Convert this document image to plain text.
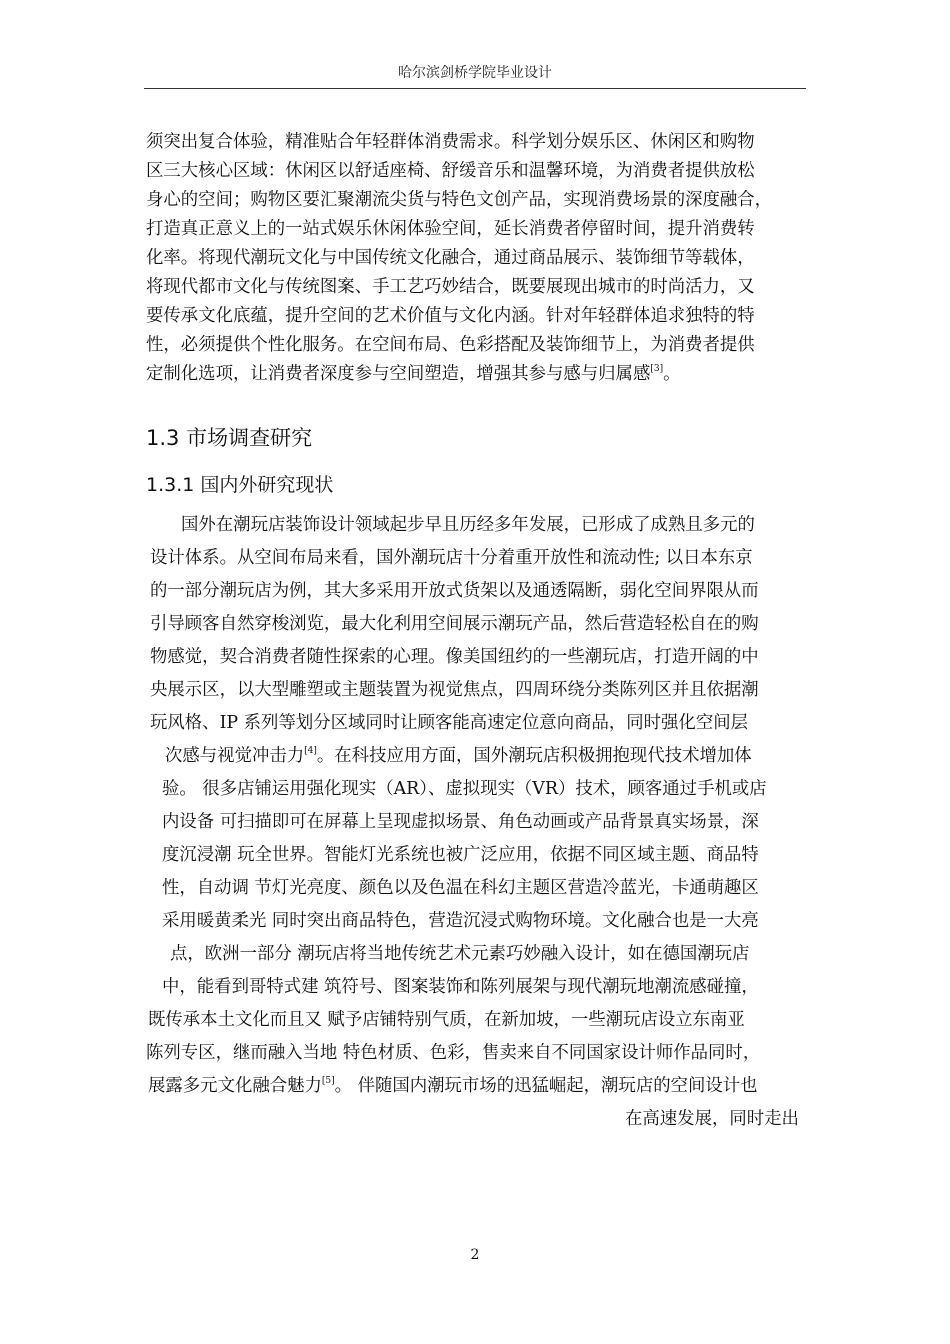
哈尔滨剑桥学院毕业设计
须突出复合体验，精准贴合年轻群体消费需求。科学划分娱乐区、休闲区和购物
区三大核心区域：休闲区以舒适座椅、舒缓音乐和温馨环境，为消费者提供放松
身心的空间；购物区要汇聚潮流尖货与特色文创产品，实现消费场景的深度融合，
打造真正意义上的一站式娱乐休闲体验空间，延长消费者停留时间，提升消费转
化率。将现代潮玩文化与中国传统文化融合，通过商品展示、装饰细节等载体，
将现代都市文化与传统图案、手工艺巧妙结合，既要展现出城市的时尚活力，又
要传承文化底蕴，提升空间的艺术价值与文化内涵。针对年轻群体追求独特的特
性，必须提供个性化服务。在空间布局、色彩搭配及装饰细节上，为消费者提供
定制化选项，让消费者深度参与空间塑造，增强其参与感与归属感[3]。
1.3 市场调查研究
1.3.1 国内外研究现状
国外在潮玩店装饰设计领域起步早且历经多年发展，已形成了成熟且多元的
设计体系。从空间布局来看，国外潮玩店十分着重开放性和流动性; 以日本东京
的一部分潮玩店为例，其大多采用开放式货架以及通透隔断，弱化空间界限从而
引导顾客自然穿梭浏览，最大化利用空间展示潮玩产品，然后营造轻松自在的购
物感觉，契合消费者随性探索的心理。像美国纽约的一些潮玩店，打造开阔的中
央展示区，以大型雕塑或主题装置为视觉焦点，四周环绕分类陈列区并且依据潮
玩风格、IP 系列等划分区域同时让顾客能高速定位意向商品，同时强化空间层
次感与视觉冲击力[4]。在科技应用方面，国外潮玩店积极拥抱现代技术增加体
验。 很多店铺运用强化现实（AR）、虚拟现实（VR）技术，顾客通过手机或店
内设备 可扫描即可在屏幕上呈现虚拟场景、角色动画或产品背景真实场景，深
度沉浸潮 玩全世界。智能灯光系统也被广泛应用，依据不同区域主题、商品特
性，自动调 节灯光亮度、颜色以及色温在科幻主题区营造冷蓝光，卡通萌趣区
采用暖黄柔光 同时突出商品特色，营造沉浸式购物环境。文化融合也是一大亮
点，欧洲一部分 潮玩店将当地传统艺术元素巧妙融入设计，如在德国潮玩店
中，能看到哥特式建 筑符号、图案装饰和陈列展架与现代潮玩地潮流感碰撞，
既传承本土文化而且又 赋予店铺特别气质，在新加坡，一些潮玩店设立东南亚
陈列专区，继而融入当地 特色材质、色彩，售卖来自不同国家设计师作品同时，
展露多元文化融合魅力[5]。 伴随国内潮玩市场的迅猛崛起，潮玩店的空间设计也
在高速发展，同时走出
2
